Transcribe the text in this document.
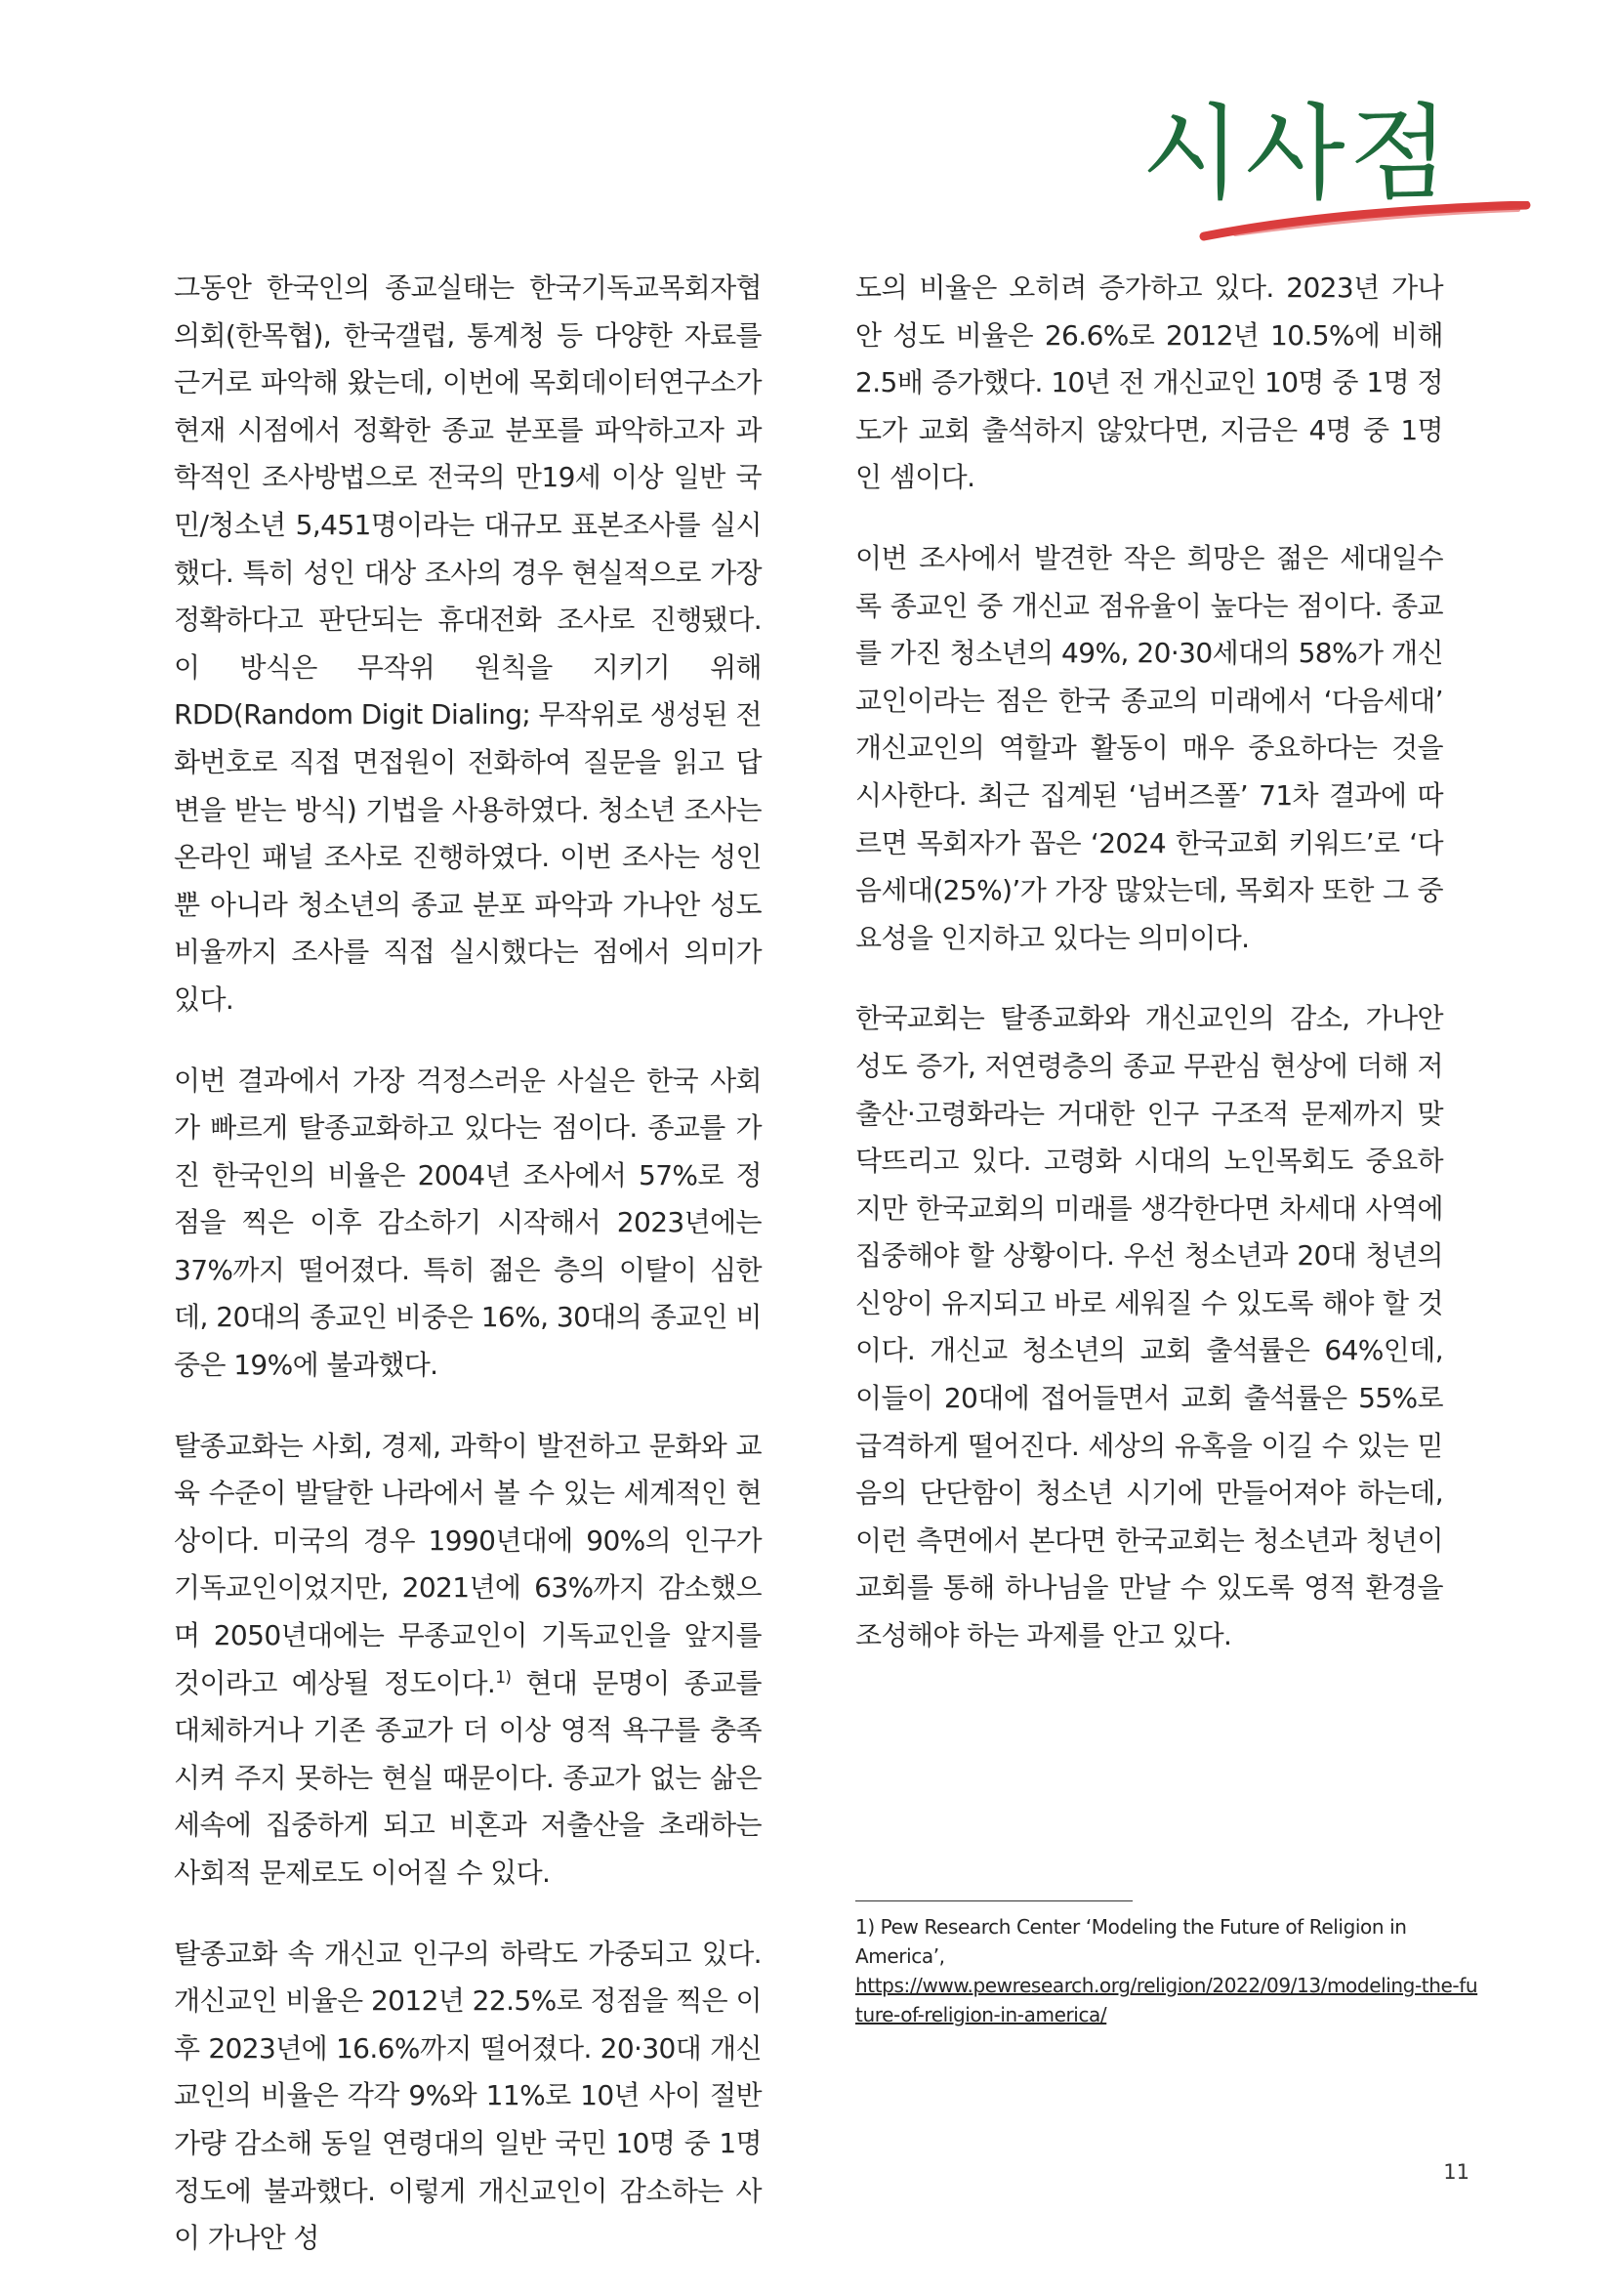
시사점

그동안 한국인의 종교실태는 한국기독교목회자협의회(한목협), 한국갤럽, 통계청 등 다양한 자료를 근거로 파악해 왔는데, 이번에 목회데이터연구소가 현재 시점에서 정확한 종교 분포를 파악하고자 과학적인 조사방법으로 전국의 만19세 이상 일반 국민/청소년 5,451명이라는 대규모 표본조사를 실시했다. 특히 성인 대상 조사의 경우 현실적으로 가장 정확하다고 판단되는 휴대전화 조사로 진행됐다. 이 방식은 무작위 원칙을 지키기 위해 RDD(Random Digit Dialing; 무작위로 생성된 전화번호로 직접 면접원이 전화하여 질문을 읽고 답변을 받는 방식) 기법을 사용하였다. 청소년 조사는 온라인 패널 조사로 진행하였다. 이번 조사는 성인뿐 아니라 청소년의 종교 분포 파악과 가나안 성도 비율까지 조사를 직접 실시했다는 점에서 의미가 있다.

이번 결과에서 가장 걱정스러운 사실은 한국 사회가 빠르게 탈종교화하고 있다는 점이다. 종교를 가진 한국인의 비율은 2004년 조사에서 57%로 정점을 찍은 이후 감소하기 시작해서 2023년에는 37%까지 떨어졌다. 특히 젊은 층의 이탈이 심한데, 20대의 종교인 비중은 16%, 30대의 종교인 비중은 19%에 불과했다.

탈종교화는 사회, 경제, 과학이 발전하고 문화와 교육 수준이 발달한 나라에서 볼 수 있는 세계적인 현상이다. 미국의 경우 1990년대에 90%의 인구가 기독교인이었지만, 2021년에 63%까지 감소했으며 2050년대에는 무종교인이 기독교인을 앞지를 것이라고 예상될 정도이다.$^{1)}$ 현대 문명이 종교를 대체하거나 기존 종교가 더 이상 영적 욕구를 충족시켜 주지 못하는 현실 때문이다. 종교가 없는 삶은 세속에 집중하게 되고 비혼과 저출산을 초래하는 사회적 문제로도 이어질 수 있다.

탈종교화 속 개신교 인구의 하락도 가중되고 있다. 개신교인 비율은 2012년 22.5%로 정점을 찍은 이후 2023년에 16.6%까지 떨어졌다. 20·30대 개신교인의 비율은 각각 9%와 11%로 10년 사이 절반가량 감소해 동일 연령대의 일반 국민 10명 중 1명 정도에 불과했다. 이렇게 개신교인이 감소하는 사이 가나안 성

도의 비율은 오히려 증가하고 있다. 2023년 가나안 성도 비율은 26.6%로 2012년 10.5%에 비해 2.5배 증가했다. 10년 전 개신교인 10명 중 1명 정도가 교회 출석하지 않았다면, 지금은 4명 중 1명인 셈이다.

이번 조사에서 발견한 작은 희망은 젊은 세대일수록 종교인 중 개신교 점유율이 높다는 점이다. 종교를 가진 청소년의 49%, 20·30세대의 58%가 개신교인이라는 점은 한국 종교의 미래에서 ‘다음세대’ 개신교인의 역할과 활동이 매우 중요하다는 것을 시사한다. 최근 집계된 ‘넘버즈폴’ 71차 결과에 따르면 목회자가 꼽은 ‘2024 한국교회 키워드’로 ‘다음세대(25%)’가 가장 많았는데, 목회자 또한 그 중요성을 인지하고 있다는 의미이다.

한국교회는 탈종교화와 개신교인의 감소, 가나안 성도 증가, 저연령층의 종교 무관심 현상에 더해 저출산·고령화라는 거대한 인구 구조적 문제까지 맞닥뜨리고 있다. 고령화 시대의 노인목회도 중요하지만 한국교회의 미래를 생각한다면 차세대 사역에 집중해야 할 상황이다. 우선 청소년과 20대 청년의 신앙이 유지되고 바로 세워질 수 있도록 해야 할 것이다. 개신교 청소년의 교회 출석률은 64%인데, 이들이 20대에 접어들면서 교회 출석률은 55%로 급격하게 떨어진다. 세상의 유혹을 이길 수 있는 믿음의 단단함이 청소년 시기에 만들어져야 하는데, 이런 측면에서 본다면 한국교회는 청소년과 청년이 교회를 통해 하나님을 만날 수 있도록 영적 환경을 조성해야 하는 과제를 안고 있다.

1) Pew Research Center ‘Modeling the Future of Religion in America’,
https://www.pewresearch.org/religion/2022/09/13/modeling-the-future-of-religion-in-america/

11
